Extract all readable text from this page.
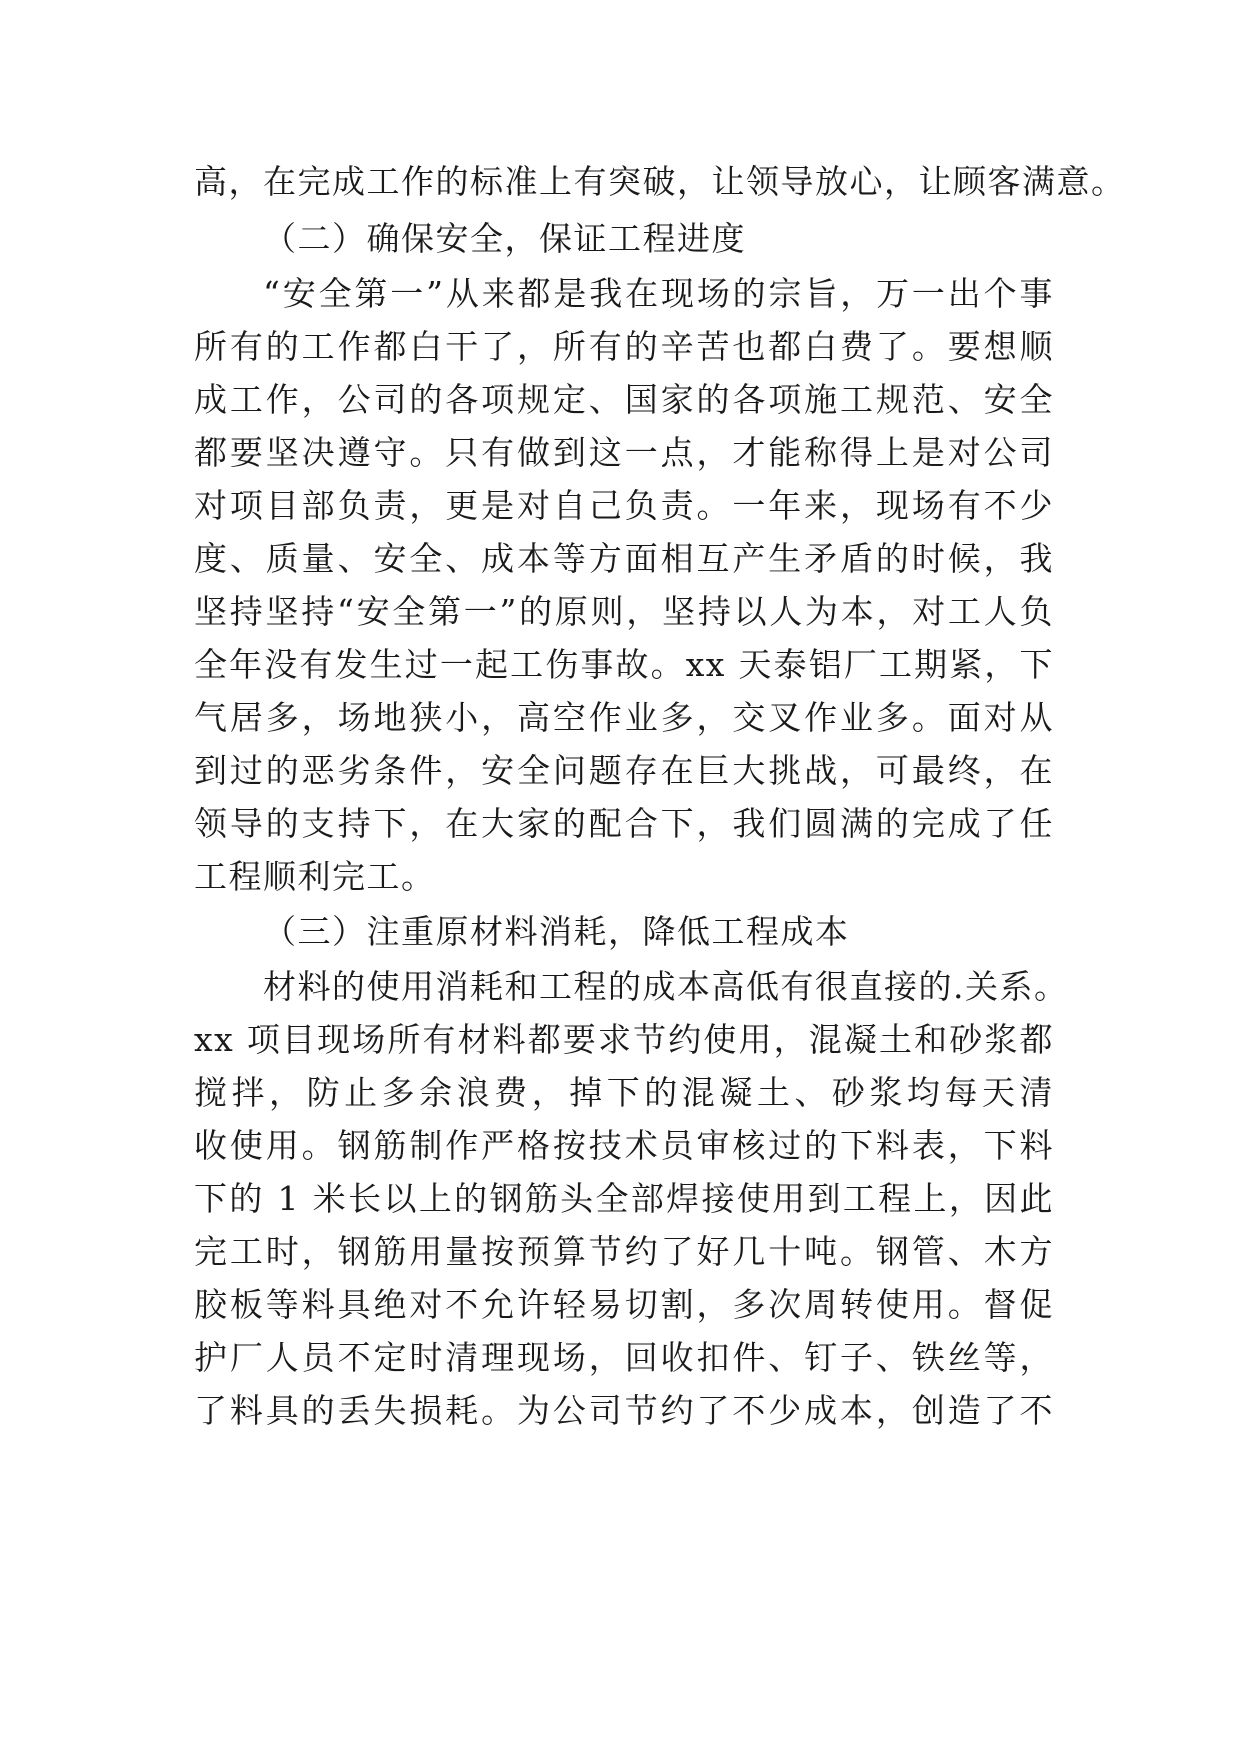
高，在完成工作的标准上有突破，让领导放心，让顾客满意。
（二）确保安全，保证工程进度
“安全第一”从来都是我在现场的宗旨，万一出个事
所有的工作都白干了，所有的辛苦也都白费了。要想顺
成工作，公司的各项规定、国家的各项施工规范、安全
都要坚决遵守。只有做到这一点，才能称得上是对公司
对项目部负责，更是对自己负责。一年来，现场有不少
度、质量、安全、成本等方面相互产生矛盾的时候，我
坚持坚持“安全第一”的原则，坚持以人为本，对工人负
全年没有发生过一起工伤事故。xx 天泰铝厂工期紧，下
气居多，场地狭小，高空作业多，交叉作业多。面对从
到过的恶劣条件，安全问题存在巨大挑战，可最终，在
领导的支持下，在大家的配合下，我们圆满的完成了任
工程顺利完工。
（三）注重原材料消耗，降低工程成本
材料的使用消耗和工程的成本高低有很直接的.关系。
xx 项目现场所有材料都要求节约使用，混凝土和砂浆都
搅拌，防止多余浪费，掉下的混凝土、砂浆均每天清
收使用。钢筋制作严格按技术员审核过的下料表，下料
下的 1 米长以上的钢筋头全部焊接使用到工程上，因此
完工时，钢筋用量按预算节约了好几十吨。钢管、木方
胶板等料具绝对不允许轻易切割，多次周转使用。督促
护厂人员不定时清理现场，回收扣件、钉子、铁丝等，
了料具的丢失损耗。为公司节约了不少成本，创造了不
